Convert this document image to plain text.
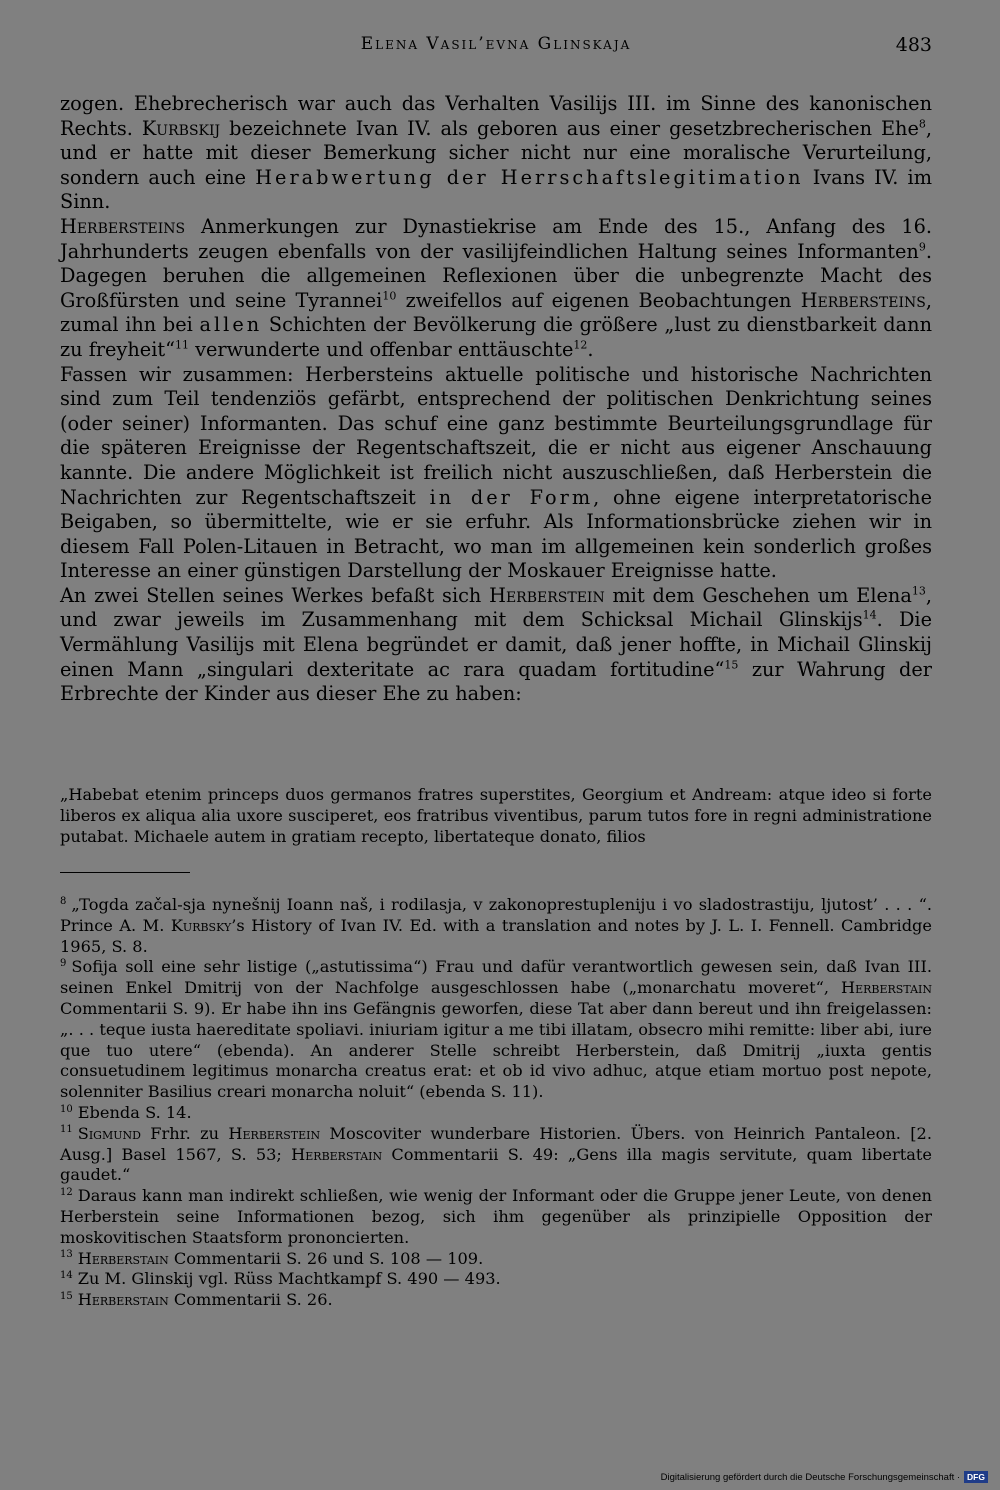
Elena Vasil’evna Glinskaja	483

zogen. Ehebrecherisch war auch das Verhalten Vasilijs III. im Sinne des kanonischen Rechts. Kurbskij bezeichnete Ivan IV. als geboren aus einer gesetzbrecherischen Ehe$^8$, und er hatte mit dieser Bemerkung sicher nicht nur eine moralische Verurteilung, sondern auch eine Herabwertung der Herrschaftslegitimation Ivans IV. im Sinn.

Herbersteins Anmerkungen zur Dynastiekrise am Ende des 15., Anfang des 16. Jahrhunderts zeugen ebenfalls von der vasilijfeindlichen Haltung seines Informanten$^9$. Dagegen beruhen die allgemeinen Reflexionen über die unbegrenzte Macht des Großfürsten und seine Tyrannei$^{10}$ zweifellos auf eigenen Beobachtungen Herbersteins, zumal ihn bei allen Schichten der Bevölkerung die größere „lust zu dienstbarkeit dann zu freyheit“$^{11}$ verwunderte und offenbar enttäuschte$^{12}$.

Fassen wir zusammen: Herbersteins aktuelle politische und historische Nachrichten sind zum Teil tendenziös gefärbt, entsprechend der politischen Denkrichtung seines (oder seiner) Informanten. Das schuf eine ganz bestimmte Beurteilungsgrundlage für die späteren Ereignisse der Regentschaftszeit, die er nicht aus eigener Anschauung kannte. Die andere Möglichkeit ist freilich nicht auszuschließen, daß Herberstein die Nachrichten zur Regentschaftszeit in der Form, ohne eigene interpretatorische Beigaben, so übermittelte, wie er sie erfuhr. Als Informationsbrücke ziehen wir in diesem Fall Polen-Litauen in Betracht, wo man im allgemeinen kein sonderlich großes Interesse an einer günstigen Darstellung der Moskauer Ereignisse hatte.

An zwei Stellen seines Werkes befaßt sich Herberstein mit dem Geschehen um Elena$^{13}$, und zwar jeweils im Zusammenhang mit dem Schicksal Michail Glinskijs$^{14}$. Die Vermählung Vasilijs mit Elena begründet er damit, daß jener hoffte, in Michail Glinskij einen Mann „singulari dexteritate ac rara quadam fortitudine“$^{15}$ zur Wahrung der Erbrechte der Kinder aus dieser Ehe zu haben:

„Habebat etenim princeps duos germanos fratres superstites, Georgium et Andream: atque ideo si forte liberos ex aliqua alia uxore susciperet, eos fratribus viventibus, parum tutos fore in regni administratione putabat. Michaele autem in gratiam recepto, libertateque donato, filios

$^8$ „Togda začal-sja nynešnij Ioann naš, i rodilasja, v zakonoprestupleniju i vo sladostrastiju, ljutost’ . . . “. Prince A. M. Kurbsky’s History of Ivan IV. Ed. with a translation and notes by J. L. I. Fennell. Cambridge 1965, S. 8.

$^9$ Sofija soll eine sehr listige („astutissima“) Frau und dafür verantwortlich gewesen sein, daß Ivan III. seinen Enkel Dmitrij von der Nachfolge ausgeschlossen habe („monarchatu moveret“, Herberstain Commentarii S. 9). Er habe ihn ins Gefängnis geworfen, diese Tat aber dann bereut und ihn freigelassen: „. . . teque iusta haereditate spoliavi. iniuriam igitur a me tibi illatam, obsecro mihi remitte: liber abi, iure que tuo utere“ (ebenda). An anderer Stelle schreibt Herberstein, daß Dmitrij „iuxta gentis consuetudinem legitimus monarcha creatus erat: et ob id vivo adhuc, atque etiam mortuo post nepote, solenniter Basilius creari monarcha noluit“ (ebenda S. 11).

$^{10}$ Ebenda S. 14.

$^{11}$ Sigmund Frhr. zu Herberstein Moscoviter wunderbare Historien. Übers. von Heinrich Pantaleon. [2. Ausg.] Basel 1567, S. 53; Herberstain Commentarii S. 49: „Gens illa magis servitute, quam libertate gaudet.“

$^{12}$ Daraus kann man indirekt schließen, wie wenig der Informant oder die Gruppe jener Leute, von denen Herberstein seine Informationen bezog, sich ihm gegenüber als prinzipielle Opposition der moskovitischen Staatsform prononcierten.

$^{13}$ Herberstain Commentarii S. 26 und S. 108 — 109.

$^{14}$ Zu M. Glinskij vgl. Rüss Machtkampf S. 490 — 493.

$^{15}$ Herberstain Commentarii S. 26.

Digitalisierung gefördert durch die Deutsche Forschungsgemeinschaft · DFG
